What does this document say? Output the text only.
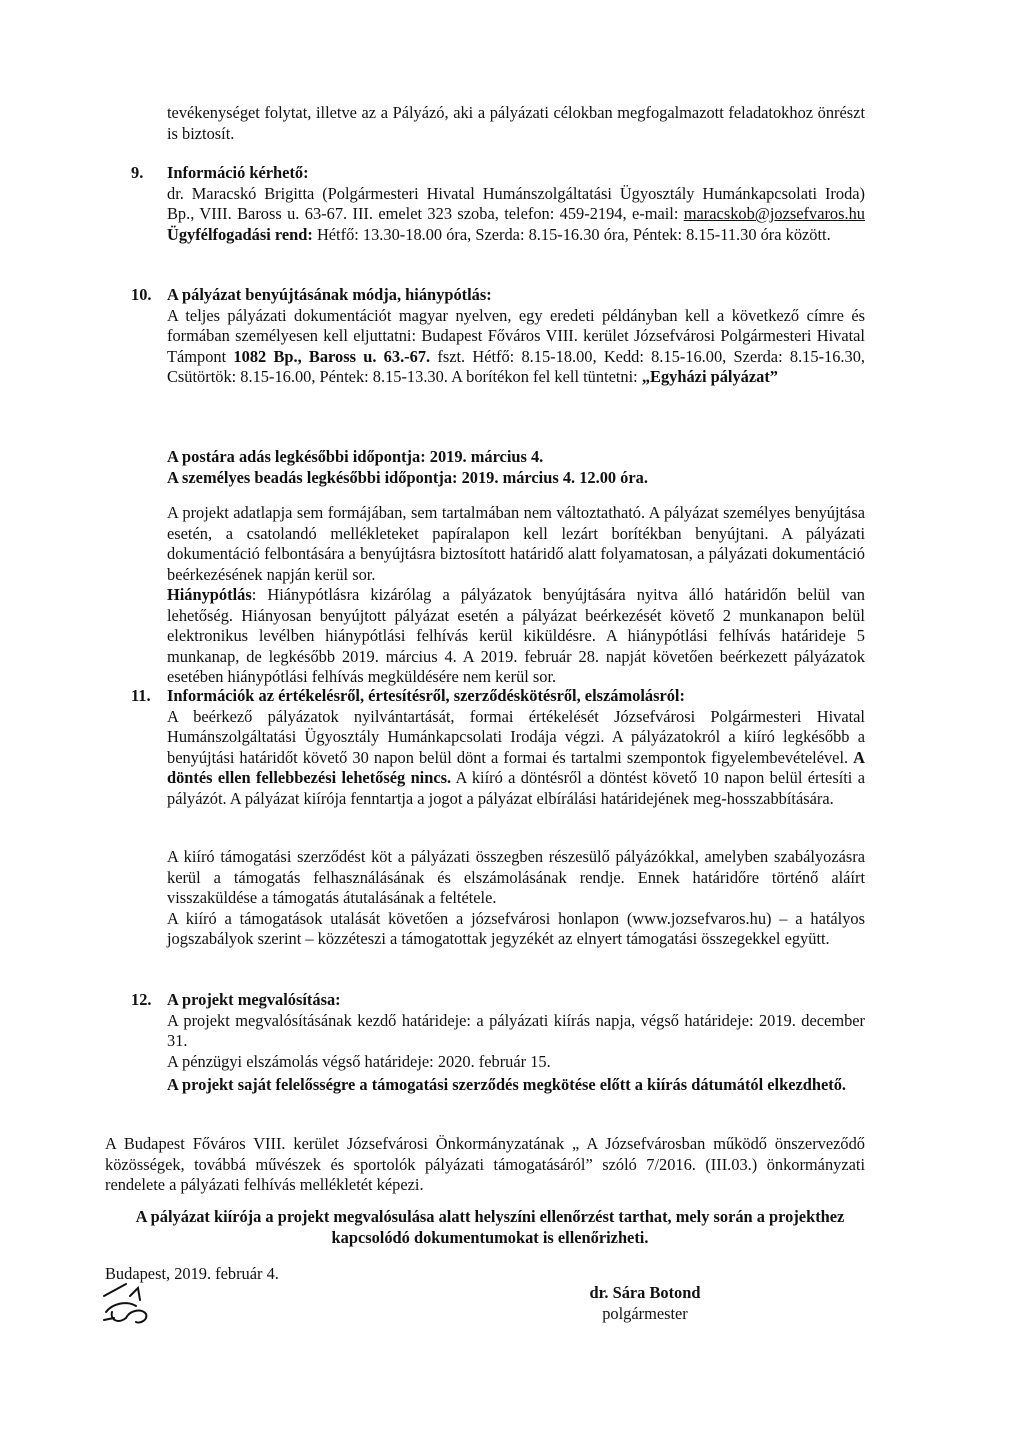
tevékenységet folytat, illetve az a Pályázó, aki a pályázati célokban megfogalmazott feladatokhoz önrészt is biztosít.

9. Információ kérhető:

dr. Maracskó Brigitta (Polgármesteri Hivatal Humánszolgáltatási Ügyosztály Humánkapcsolati Iroda) Bp., VIII. Baross u. 63-67. III. emelet 323 szoba, telefon: 459-2194, e-mail: maracskob@jozsefvaros.hu Ügyfélfogadási rend: Hétfő: 13.30-18.00 óra, Szerda: 8.15-16.30 óra, Péntek: 8.15-11.30 óra között.

10. A pályázat benyújtásának módja, hiánypótlás:

A teljes pályázati dokumentációt magyar nyelven, egy eredeti példányban kell a következő címre és formában személyesen kell eljuttatni: Budapest Főváros VIII. kerület Józsefvárosi Polgármesteri Hivatal Támpont 1082 Bp., Baross u. 63.-67. fszt. Hétfő: 8.15-18.00, Kedd: 8.15-16.00, Szerda: 8.15-16.30, Csütörtök: 8.15-16.00, Péntek: 8.15-13.30. A borítékon fel kell tüntetni: „Egyházi pályázat”

A postára adás legkésőbbi időpontja: 2019. március 4.

A személyes beadás legkésőbbi időpontja: 2019. március 4. 12.00 óra.

A projekt adatlapja sem formájában, sem tartalmában nem változtatható. A pályázat személyes benyújtása esetén, a csatolandó mellékleteket papíralapon kell lezárt borítékban benyújtani. A pályázati dokumentáció felbontására a benyújtásra biztosított határidő alatt folyamatosan, a pályázati dokumentáció beérkezésének napján kerül sor.

Hiánypótlás: Hiánypótlásra kizárólag a pályázatok benyújtására nyitva álló határidőn belül van lehetőség. Hiányosan benyújtott pályázat esetén a pályázat beérkezését követő 2 munkanapon belül elektronikus levélben hiánypótlási felhívás kerül kiküldésre. A hiánypótlási felhívás határideje 5 munkanap, de legkésőbb 2019. március 4. A 2019. február 28. napját követően beérkezett pályázatok esetében hiánypótlási felhívás megküldésére nem kerül sor.

11. Információk az értékelésről, értesítésről, szerződéskötésről, elszámolásról:

A beérkező pályázatok nyilvántartását, formai értékelését Józsefvárosi Polgármesteri Hivatal Humánszolgáltatási Ügyosztály Humánkapcsolati Irodája végzi. A pályázatokról a kiíró legkésőbb a benyújtási határidőt követő 30 napon belül dönt a formai és tartalmi szempontok figyelembevételével. A döntés ellen fellebbezési lehetőség nincs. A kiíró a döntésről a döntést követő 10 napon belül értesíti a pályázót. A pályázat kiírója fenntartja a jogot a pályázat elbírálási határidejének meg-hosszabbítására.

A kiíró támogatási szerződést köt a pályázati összegben részesülő pályázókkal, amelyben szabályozásra kerül a támogatás felhasználásának és elszámolásának rendje. Ennek határidőre történő aláírt visszaküldése a támogatás átutalásának a feltétele.

A kiíró a támogatások utalását követően a józsefvárosi honlapon (www.jozsefvaros.hu) – a hatályos jogszabályok szerint – közzéteszi a támogatottak jegyzékét az elnyert támogatási összegekkel együtt.

12. A projekt megvalósítása:

A projekt megvalósításának kezdő határideje: a pályázati kiírás napja, végső határideje: 2019. december 31.

A pénzügyi elszámolás végső határideje: 2020. február 15.

A projekt saját felelősségre a támogatási szerződés megkötése előtt a kiírás dátumától elkezdhető.

A Budapest Főváros VIII. kerület Józsefvárosi Önkormányzatának „ A Józsefvárosban működő önszerveződő közösségek, továbbá művészek és sportolók pályázati támogatásáról” szóló 7/2016. (III.03.) önkormányzati rendelete a pályázati felhívás mellékletét képezi.

A pályázat kiírója a projekt megvalósulása alatt helyszíni ellenőrzést tarthat, mely során a projekthez kapcsolódó dokumentumokat is ellenőrizheti.

Budapest, 2019. február 4.
dr. Sára Botond
polgármester
